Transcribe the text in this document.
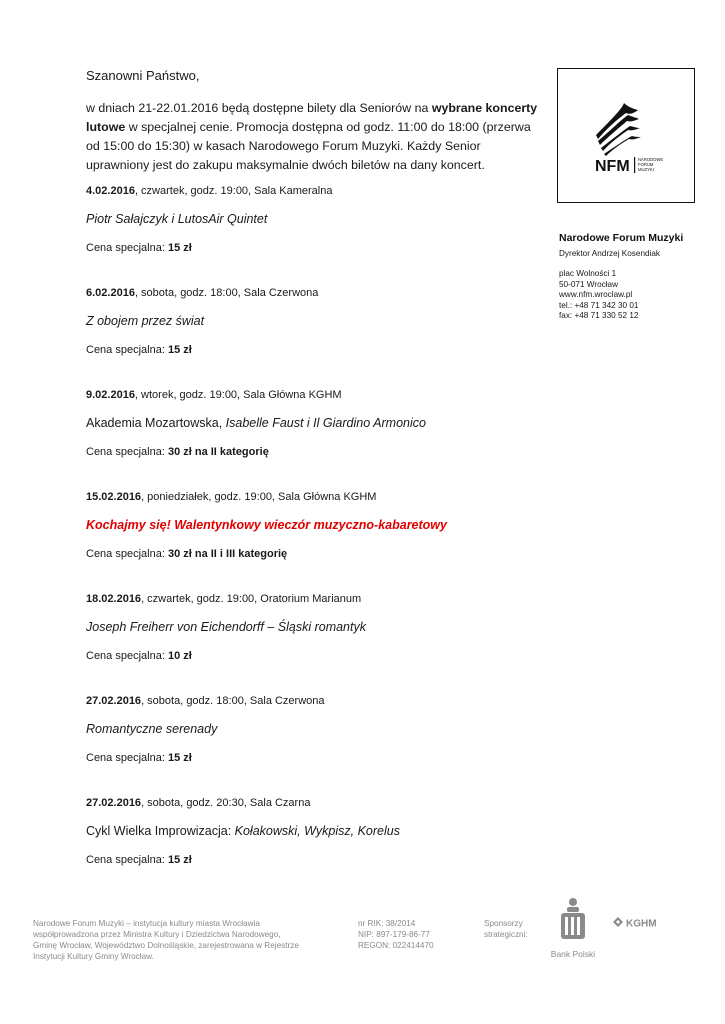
Szanowni Państwo,
w dniach 21-22.01.2016 będą dostępne bilety dla Seniorów na wybrane koncerty lutowe w specjalnej cenie. Promocja dostępna od godz. 11:00 do 18:00 (przerwa od 15:00 do 15:30) w kasach Narodowego Forum Muzyki. Każdy Senior uprawniony jest do zakupu maksymalnie dwóch biletów na dany koncert.
4.02.2016, czwartek, godz. 19:00, Sala Kameralna
Piotr Sałajczyk i LutosAir Quintet
Cena specjalna: 15 zł
6.02.2016, sobota, godz. 18:00, Sala Czerwona
Z obojem przez świat
Cena specjalna: 15 zł
9.02.2016, wtorek, godz. 19:00, Sala Główna KGHM
Akademia Mozartowska, Isabelle Faust i Il Giardino Armonico
Cena specjalna: 30 zł na II kategorię
15.02.2016, poniedziałek, godz. 19:00, Sala Główna KGHM
Kochajmy się! Walentynkowy wieczór muzyczno-kabaretowy
Cena specjalna: 30 zł na II i III kategorię
18.02.2016, czwartek, godz. 19:00, Oratorium Marianum
Joseph Freiherr von Eichendorff – Śląski romantyk
Cena specjalna: 10 zł
27.02.2016, sobota, godz. 18:00, Sala Czerwona
Romantyczne serenady
Cena specjalna: 15 zł
27.02.2016, sobota, godz. 20:30, Sala Czarna
Cykl Wielka Improwizacja: Kołakowski, Wykpisz, Korelus
Cena specjalna: 15 zł
NFM NARODOWE
FORUM
MUZYKI
Narodowe Forum Muzyki
Dyrektor Andrzej Kosendiak
plac Wolności 1
50-071 Wrocław
www.nfm.wroclaw.pl
tel.: +48 71 342 30 01
fax: +48 71 330 52 12
Narodowe Forum Muzyki – instytucja kultury miasta Wrocławia
współprowadzona przez Ministra Kultury i Dziedzictwa Narodowego,
Gminę Wrocław, Województwo Dolnośląskie, zarejestrowana w Rejestrze
Instytucji Kultury Gminy Wrocław.
nr RIK: 38/2014
NIP: 897-179-86-77
REGON: 022414470
Sponsorzy
strategiczni:
Bank Polski
KGHM
